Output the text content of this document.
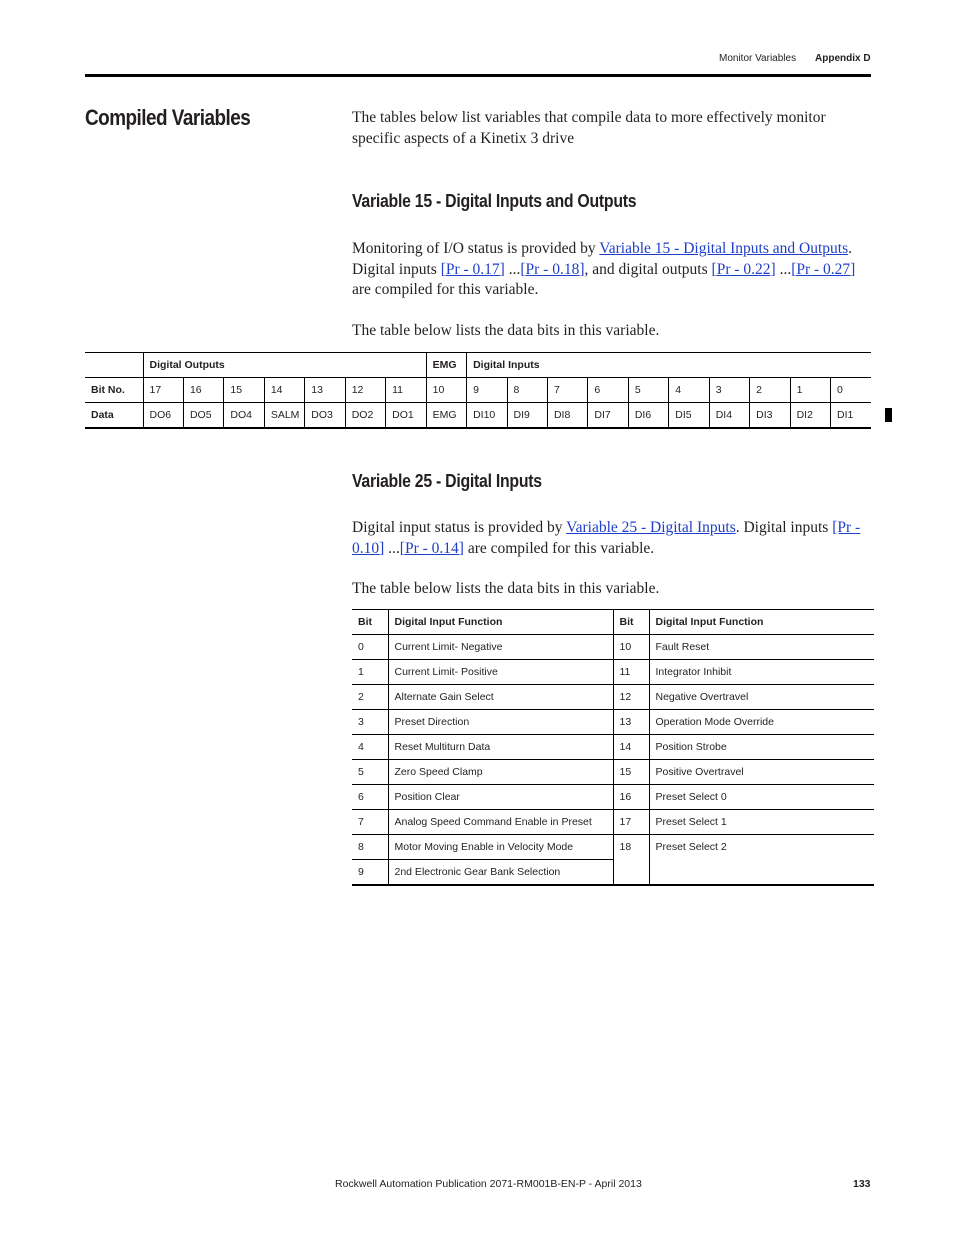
Monitor Variables Appendix D
Compiled Variables	The tables below list variables that compile data to more effectively monitor specific aspects of a Kinetix 3 drive
Variable 15 - Digital Inputs and Outputs
Monitoring of I/O status is provided by Variable 15 - Digital Inputs and Outputs. Digital inputs [Pr - 0.17] ...[Pr - 0.18], and digital outputs [Pr - 0.22] ...[Pr - 0.27] are compiled for this variable.
The table below lists the data bits in this variable.
	Digital Outputs							EMG	Digital Inputs									
Bit No.	17	16	15	14	13	12	11	10	9	8	7	6	5	4	3	2	1	0
Data	DO6	DO5	DO4	SALM	DO3	DO2	DO1	EMG	DI10	DI9	DI8	DI7	DI6	DI5	DI4	DI3	DI2	DI1
Variable 25 - Digital Inputs
Digital input status is provided by Variable 25 - Digital Inputs. Digital inputs [Pr - 0.10] ...[Pr - 0.14] are compiled for this variable.
The table below lists the data bits in this variable.
Bit	Digital Input Function	Bit	Digital Input Function
0	Current Limit- Negative	10	Fault Reset
1	Current Limit- Positive	11	Integrator Inhibit
2	Alternate Gain Select	12	Negative Overtravel
3	Preset Direction	13	Operation Mode Override
4	Reset Multiturn Data	14	Position Strobe
5	Zero Speed Clamp	15	Positive Overtravel
6	Position Clear	16	Preset Select 0
7	Analog Speed Command Enable in Preset	17	Preset Select 1
8	Motor Moving Enable in Velocity Mode	18	Preset Select 2
9	2nd Electronic Gear Bank Selection		
Rockwell Automation Publication 2071-RM001B-EN-P - April 2013	133
